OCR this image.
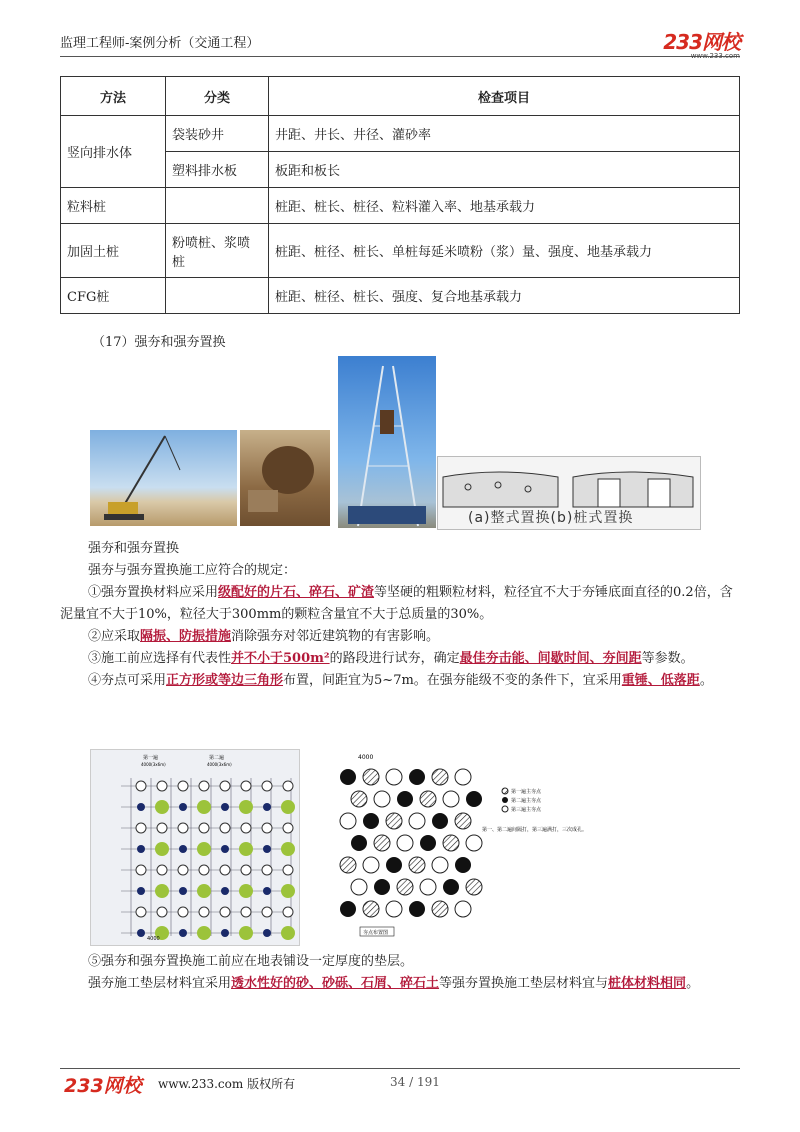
监理工程师-案例分析（交通工程）	233网校
www.233.com
方法	分类	检查项目
竖向排水体	袋装砂井	井距、井长、井径、灌砂率
	塑料排水板	板距和板长
粒料桩		桩距、桩长、桩径、粒料灌入率、地基承载力
加固土桩	粉喷桩、浆喷桩	桩距、桩径、桩长、单桩每延米喷粉（浆）量、强度、地基承载力
CFG桩		桩距、桩径、桩长、强度、复合地基承载力
（17）强夯和强夯置换
(a)整式置换(b)桩式置换

强夯和强夯置换

强夯与强夯置换施工应符合的规定：

①强夯置换材料应采用级配好的片石、碎石、矿渣等坚硬的粗颗粒材料，粒径宜不大于夯锤底面直径的0.2倍，含泥量宜不大于10%，粒径大于300mm的颗粒含量宜不大于总质量的30%。

②应采取隔振、防振措施消除强夯对邻近建筑物的有害影响。

③施工前应选择有代表性并不小于500m²的路段进行试夯，确定最佳夯击能、间歇时间、夯间距等参数。

④夯点可采用正方形或等边三角形布置，间距宜为5~7m。在强夯能级不变的条件下，宜采用重锤、低落距。

第一遍	第二遍
4000(3x6m)	4000(3x6m)
4000
4000
第一遍主夯点
第二遍主夯点
第三遍主夯点
第一、第二遍间隔打，第三遍满打，三次成孔。
夯点布置图

⑤强夯和强夯置换施工前应在地表铺设一定厚度的垫层。

强夯施工垫层材料宜采用透水性好的砂、砂砾、石屑、碎石土等强夯置换施工垫层材料宜与桩体材料相同。

233网校 www.233.com 版权所有	34 / 191
